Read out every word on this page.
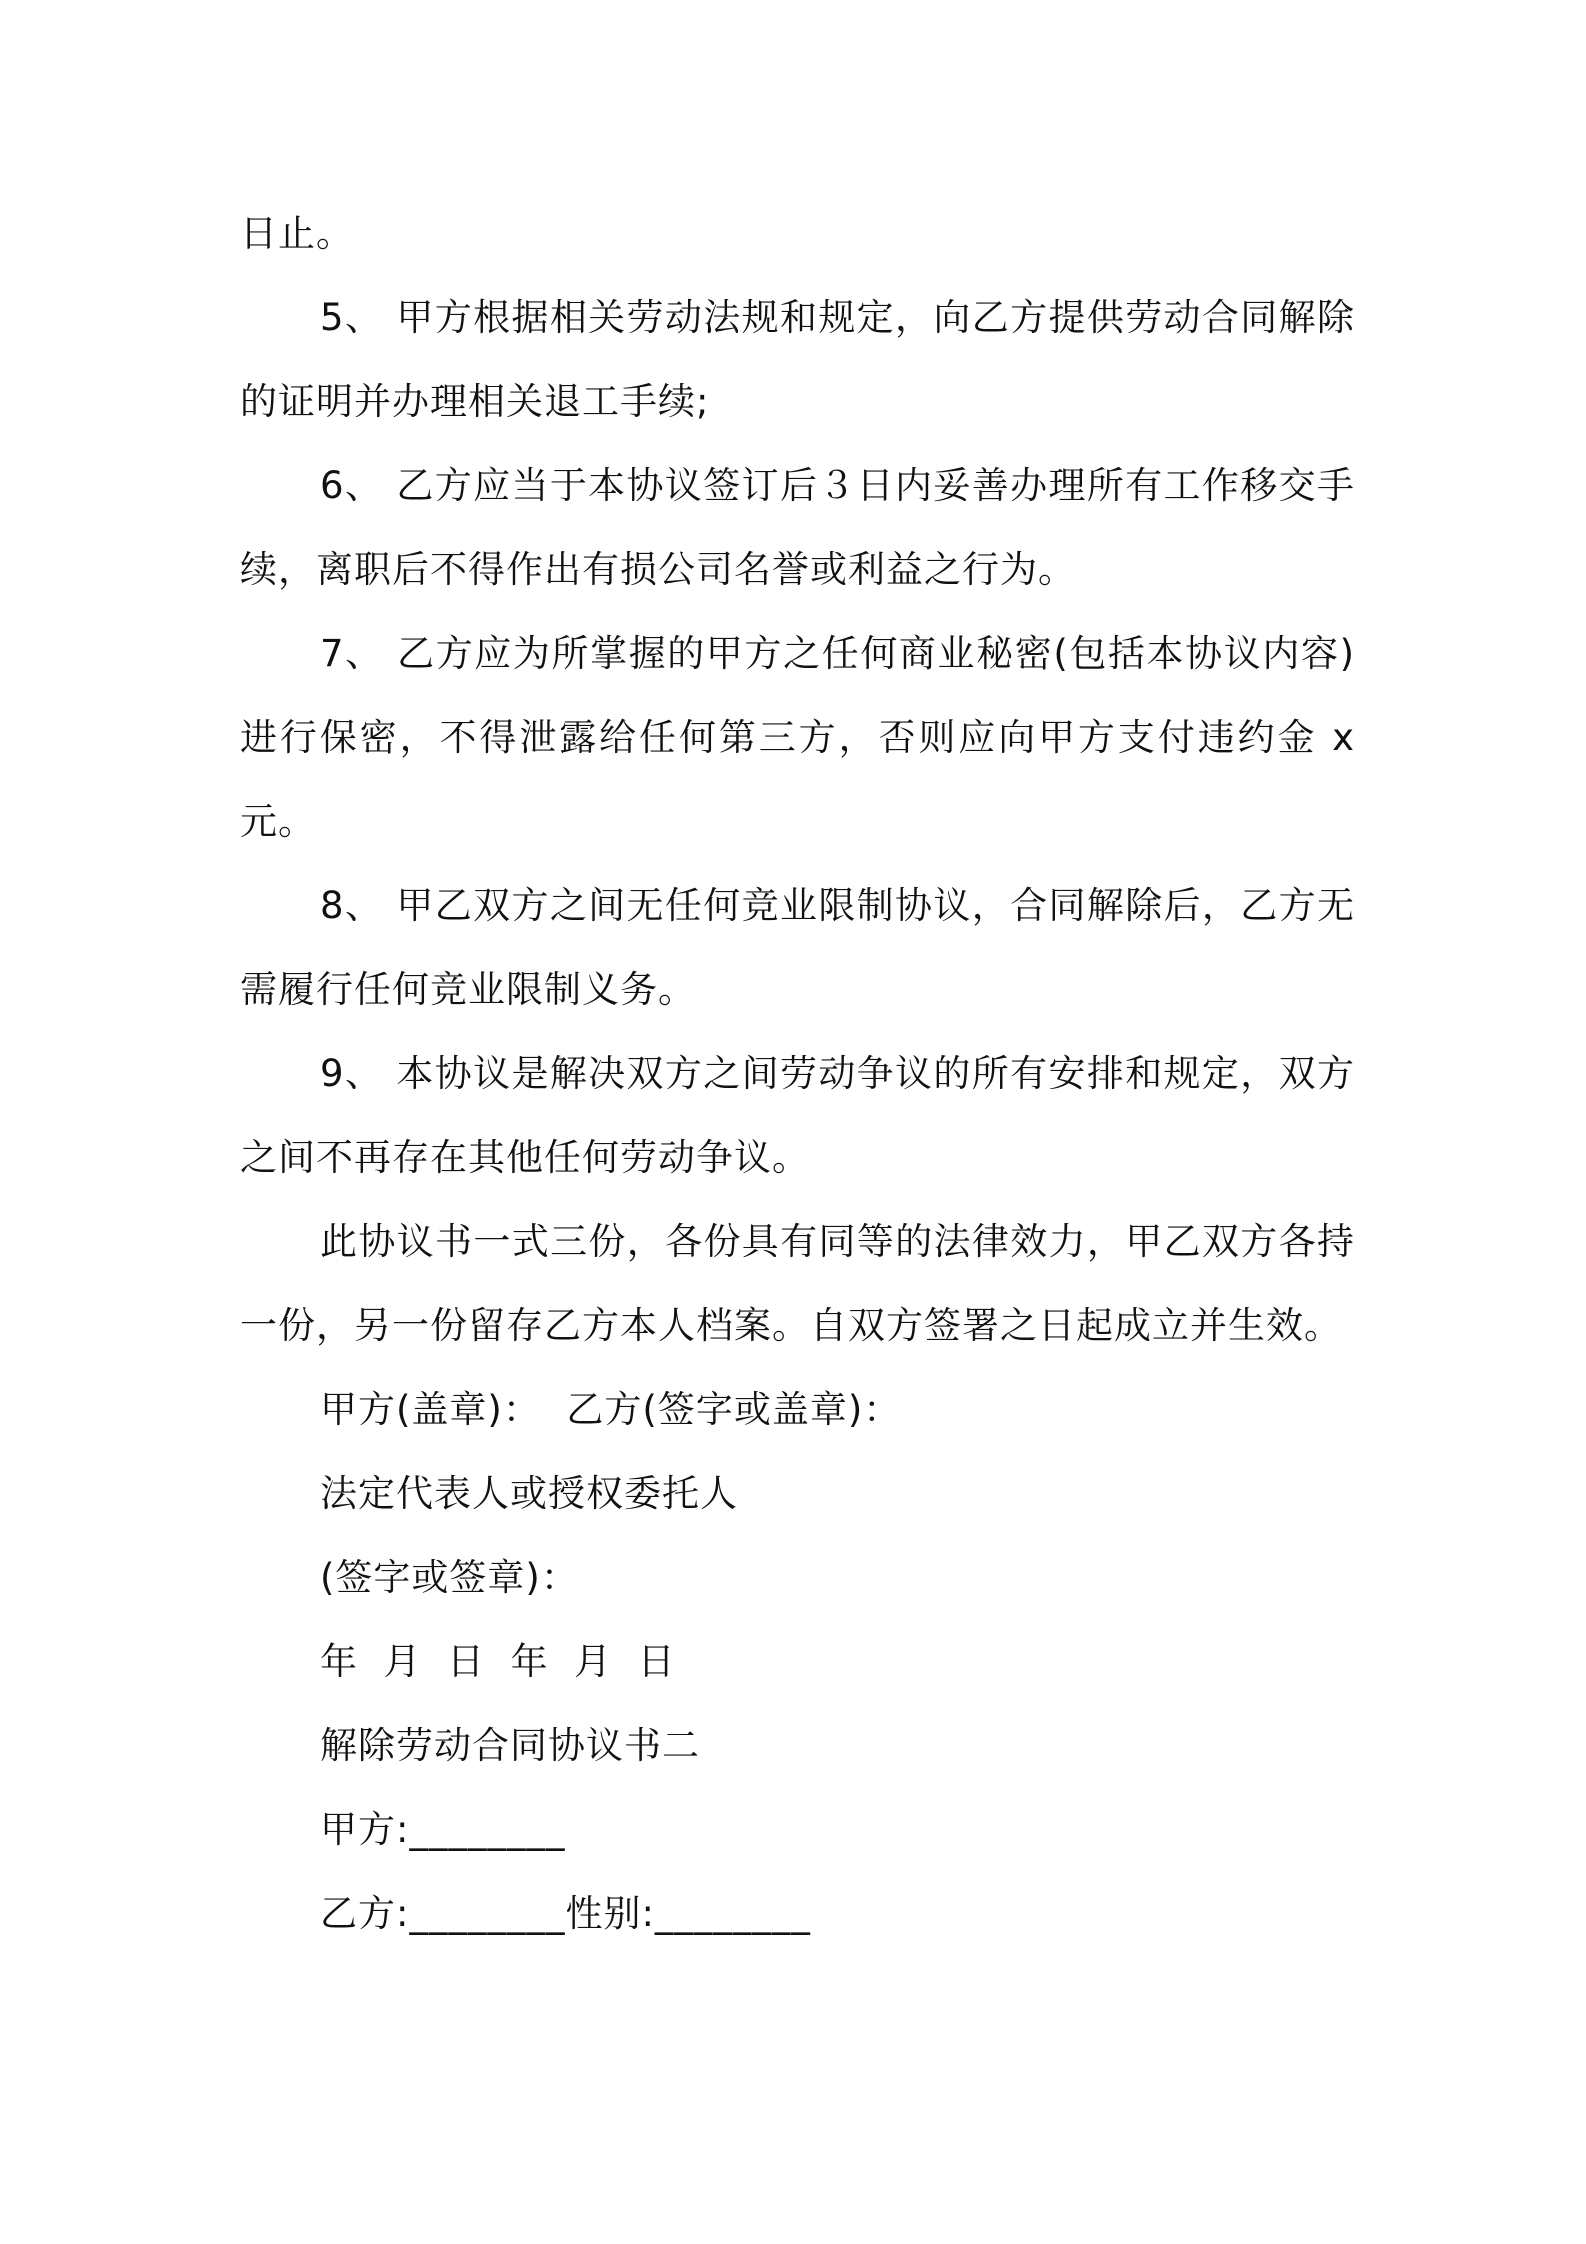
日止。

5、 甲方根据相关劳动法规和规定，向乙方提供劳动合同解除的证明并办理相关退工手续;

6、 乙方应当于本协议签订后３日内妥善办理所有工作移交手续，离职后不得作出有损公司名誉或利益之行为。

7、 乙方应为所掌握的甲方之任何商业秘密(包括本协议内容)进行保密，不得泄露给任何第三方，否则应向甲方支付违约金 x 元。

8、 甲乙双方之间无任何竞业限制协议，合同解除后，乙方无需履行任何竞业限制义务。

9、 本协议是解决双方之间劳动争议的所有安排和规定，双方之间不再存在其他任何劳动争议。

此协议书一式三份，各份具有同等的法律效力，甲乙双方各持一份，另一份留存乙方本人档案。自双方签署之日起成立并生效。

甲方(盖章)：  乙方(签字或盖章)：

法定代表人或授权委托人

(签字或签章)：

年  月  日  年  月  日

解除劳动合同协议书二

甲方:________

乙方:________性别:________
